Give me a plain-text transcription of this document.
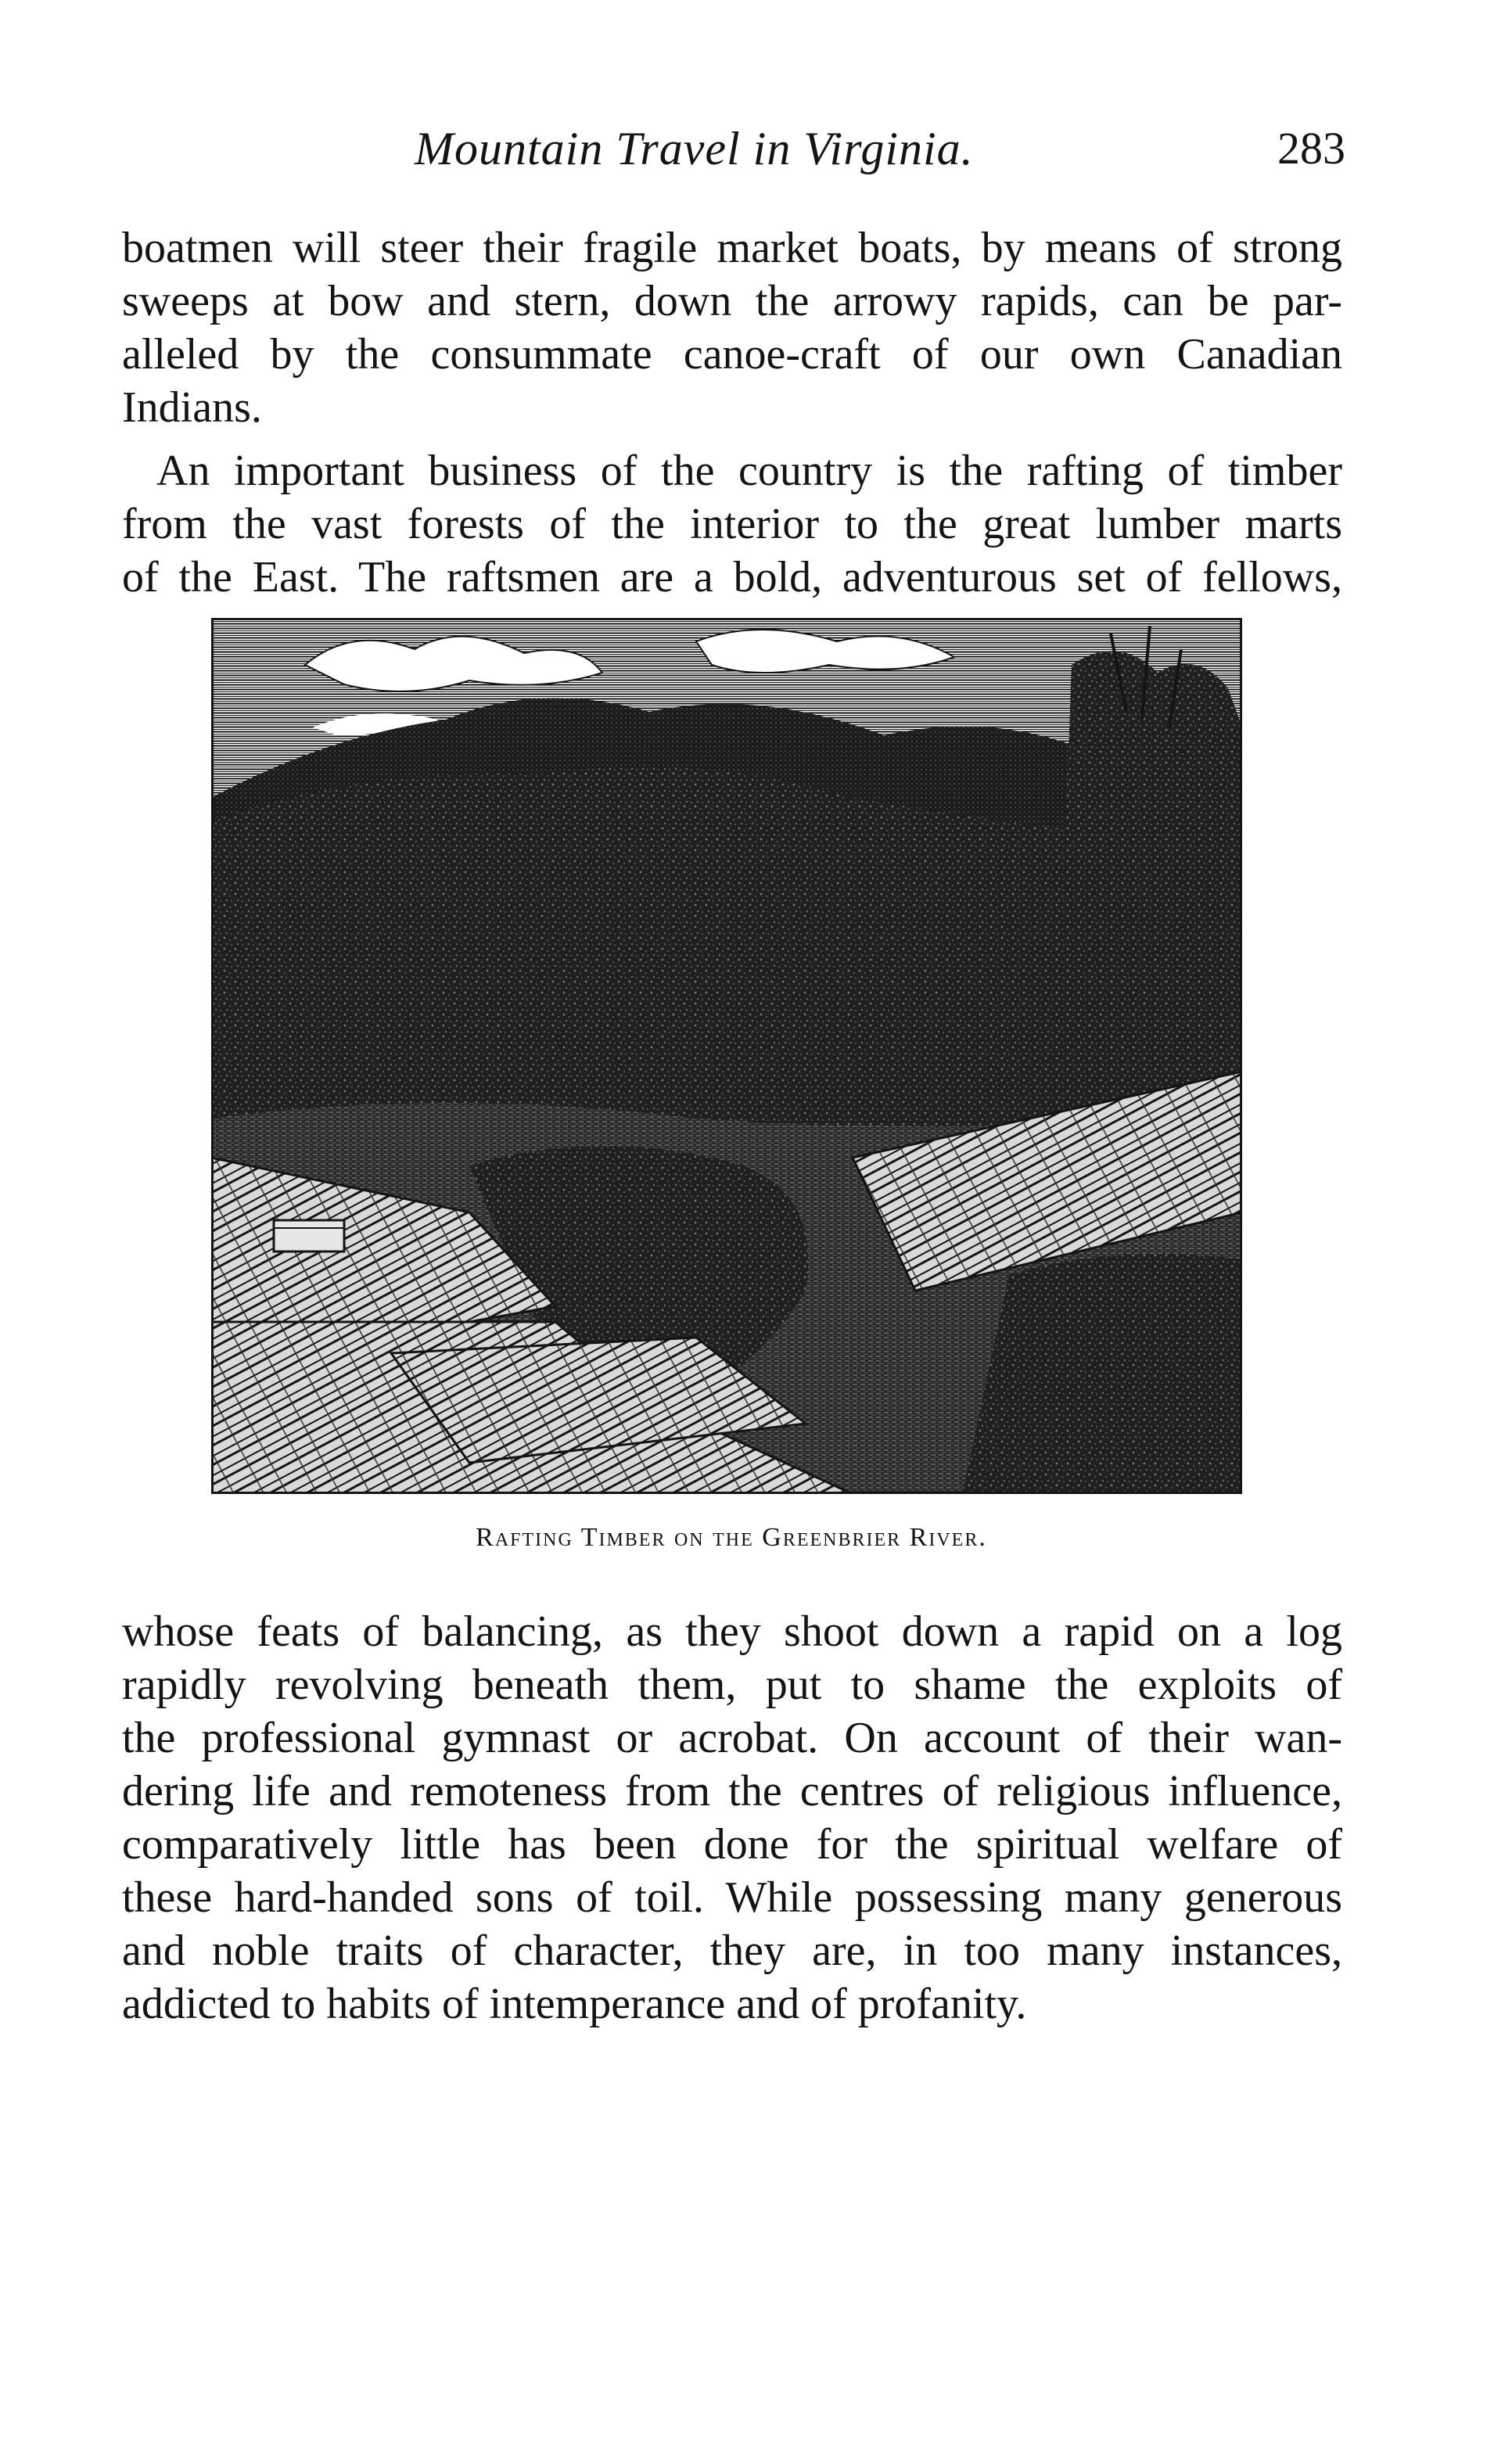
Mountain Travel in Virginia.	283

boatmen will steer their fragile market boats, by means of strong
sweeps at bow and stern, down the arrowy rapids, can be par-
alleled by the consummate canoe-craft of our own Canadian
Indians.

An important business of the country is the rafting of timber
from the vast forests of the interior to the great lumber marts
of the East. The raftsmen are a bold, adventurous set of fellows,

Rafting Timber on the Greenbrier River.

whose feats of balancing, as they shoot down a rapid on a log
rapidly revolving beneath them, put to shame the exploits of
the professional gymnast or acrobat. On account of their wan-
dering life and remoteness from the centres of religious influence,
comparatively little has been done for the spiritual welfare of
these hard-handed sons of toil. While possessing many generous
and noble traits of character, they are, in too many instances,
addicted to habits of intemperance and of profanity.
